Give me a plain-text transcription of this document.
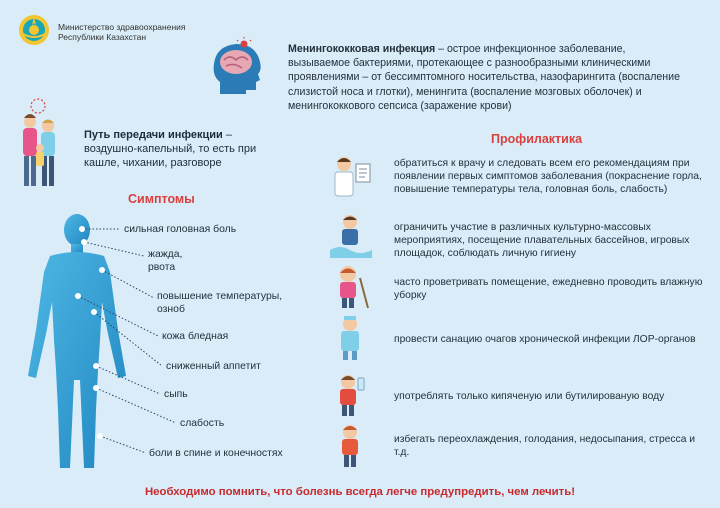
Министерство здравоохранения
Республики Казахстан
Менингококковая инфекция – острое инфекционное заболевание, вызываемое бактериями, протекающее с разнообразными клиническими проявлениями – от бессимптомного носительства, назофарингита (воспаление слизистой носа и глотки), менингита (воспаление мозговых оболочек) и менингококкового сепсиса (заражение крови)
Путь передачи инфекции – воздушно-капельный, то есть при кашле, чихании, разговоре
Симптомы
Профилактика
сильная головная боль
жажда,
рвота
повышение температуры,
озноб
кожа бледная
сниженный аппетит
сыпь
слабость
боли в спине и конечностях
обратиться к врачу и следовать всем его рекомендациям при появлении первых симптомов заболевания (покраснение горла, повышение температуры тела, головная боль, слабость)
ограничить участие в различных культурно-массовых мероприятиях, посещение плавательных бассейнов, игровых площадок, соблюдать личную гигиену
часто проветривать помещение, ежедневно проводить влажную уборку
провести санацию очагов хронической инфекции ЛОР-органов
употреблять только кипяченую или бутилированую воду
избегать переохлаждения, голодания, недосыпания, стресса и т.д.
Необходимо помнить, что болезнь всегда легче предупредить, чем лечить!
